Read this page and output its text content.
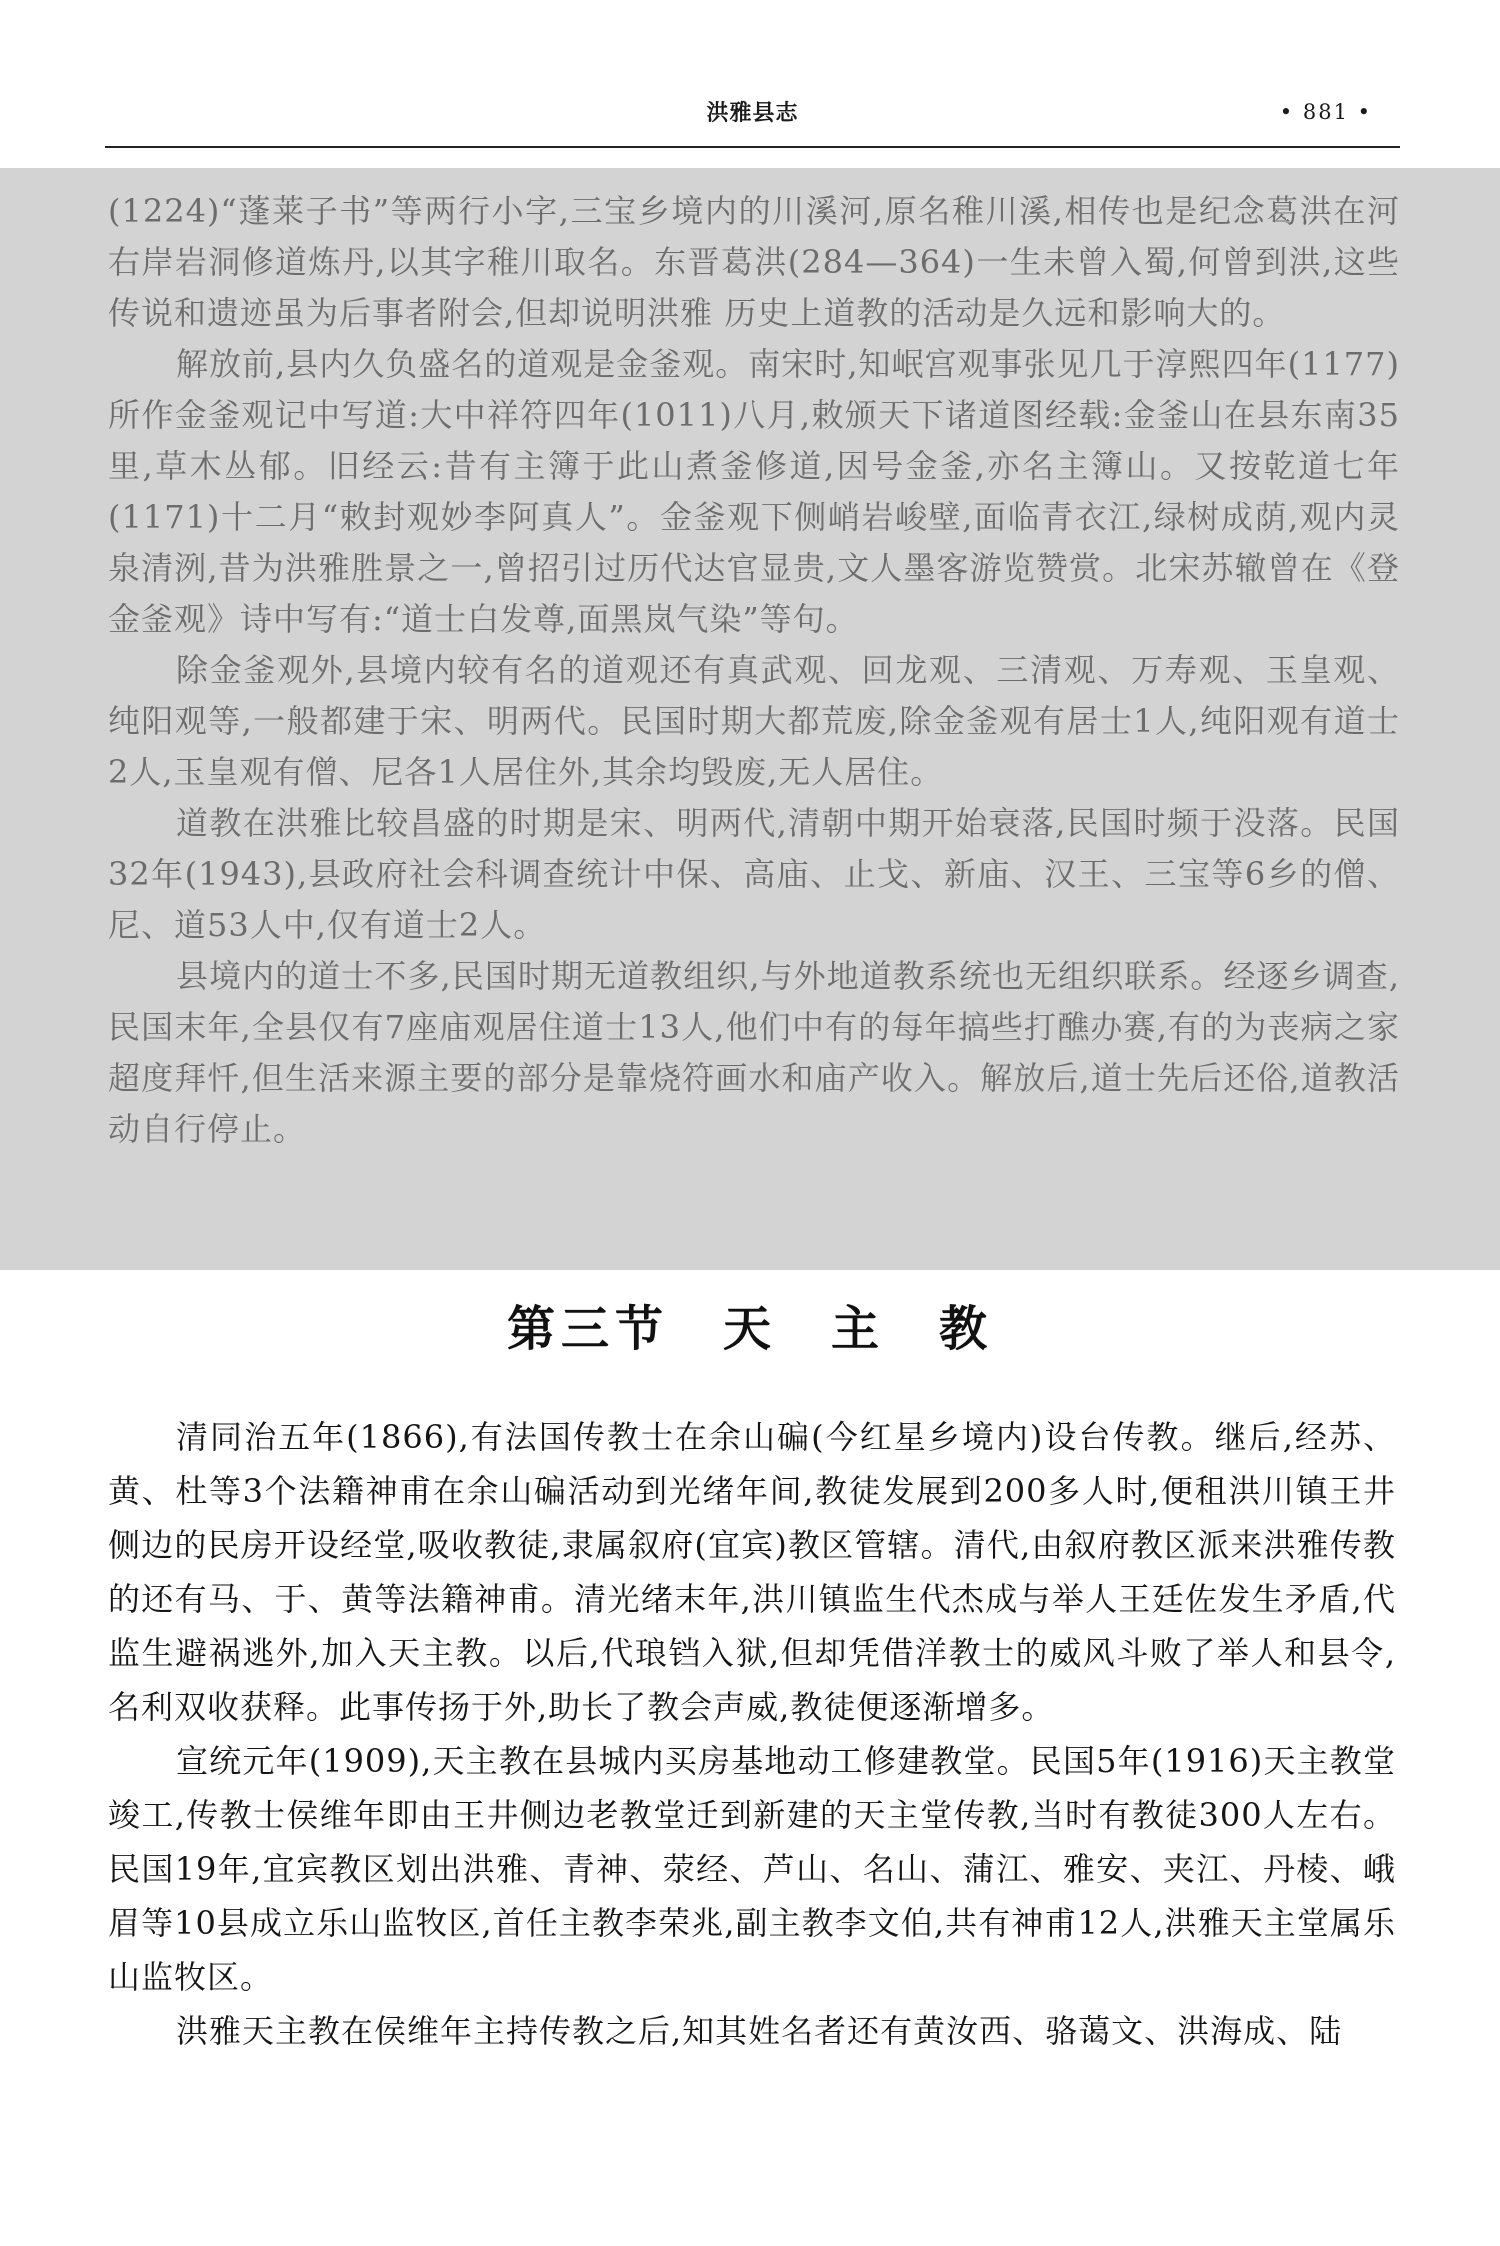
洪雅县志	• 881 •

(1224)“蓬莱子书”等两行小字,三宝乡境内的川溪河,原名稚川溪,相传也是纪念葛洪在河右岸岩洞修道炼丹,以其字稚川取名。东晋葛洪(284—364)一生未曾入蜀,何曾到洪,这些传说和遗迹虽为后事者附会,但却说明洪雅 历史上道教的活动是久远和影响大的。

解放前,县内久负盛名的道观是金釜观。南宋时,知岷宫观事张见几于淳熙四年(1177)所作金釜观记中写道:大中祥符四年(1011)八月,敕颁天下诸道图经载:金釜山在县东南35里,草木丛郁。旧经云:昔有主簿于此山煮釜修道,因号金釜,亦名主簿山。又按乾道七年(1171)十二月“敕封观妙李阿真人”。金釜观下侧峭岩峻壁,面临青衣江,绿树成荫,观内灵泉清洌,昔为洪雅胜景之一,曾招引过历代达官显贵,文人墨客游览赞赏。北宋苏辙曾在《登金釜观》诗中写有:“道士白发尊,面黑岚气染”等句。

除金釜观外,县境内较有名的道观还有真武观、回龙观、三清观、万寿观、玉皇观、纯阳观等,一般都建于宋、明两代。民国时期大都荒废,除金釜观有居士1人,纯阳观有道士2人,玉皇观有僧、尼各1人居住外,其余均毁废,无人居住。

道教在洪雅比较昌盛的时期是宋、明两代,清朝中期开始衰落,民国时频于没落。民国32年(1943),县政府社会科调查统计中保、高庙、止戈、新庙、汉王、三宝等6乡的僧、尼、道53人中,仅有道士2人。

县境内的道士不多,民国时期无道教组织,与外地道教系统也无组织联系。经逐乡调查,民国末年,全县仅有7座庙观居住道士13人,他们中有的每年搞些打醮办赛,有的为丧病之家超度拜忏,但生活来源主要的部分是靠烧符画水和庙产收入。解放后,道士先后还俗,道教活动自行停止。

第三节　天　主　教

清同治五年(1866),有法国传教士在余山碥(今红星乡境内)设台传教。继后,经苏、黄、杜等3个法籍神甫在余山碥活动到光绪年间,教徒发展到200多人时,便租洪川镇王井侧边的民房开设经堂,吸收教徒,隶属叙府(宜宾)教区管辖。清代,由叙府教区派来洪雅传教的还有马、于、黄等法籍神甫。清光绪末年,洪川镇监生代杰成与举人王廷佐发生矛盾,代监生避祸逃外,加入天主教。以后,代琅铛入狱,但却凭借洋教士的威风斗败了举人和县令,名利双收获释。此事传扬于外,助长了教会声威,教徒便逐渐增多。

宣统元年(1909),天主教在县城内买房基地动工修建教堂。民国5年(1916)天主教堂竣工,传教士侯维年即由王井侧边老教堂迁到新建的天主堂传教,当时有教徒300人左右。民国19年,宜宾教区划出洪雅、青神、荥经、芦山、名山、蒲江、雅安、夹江、丹棱、峨眉等10县成立乐山监牧区,首任主教李荣兆,副主教李文伯,共有神甫12人,洪雅天主堂属乐山监牧区。

洪雅天主教在侯维年主持传教之后,知其姓名者还有黄汝西、骆蔼文、洪海成、陆
